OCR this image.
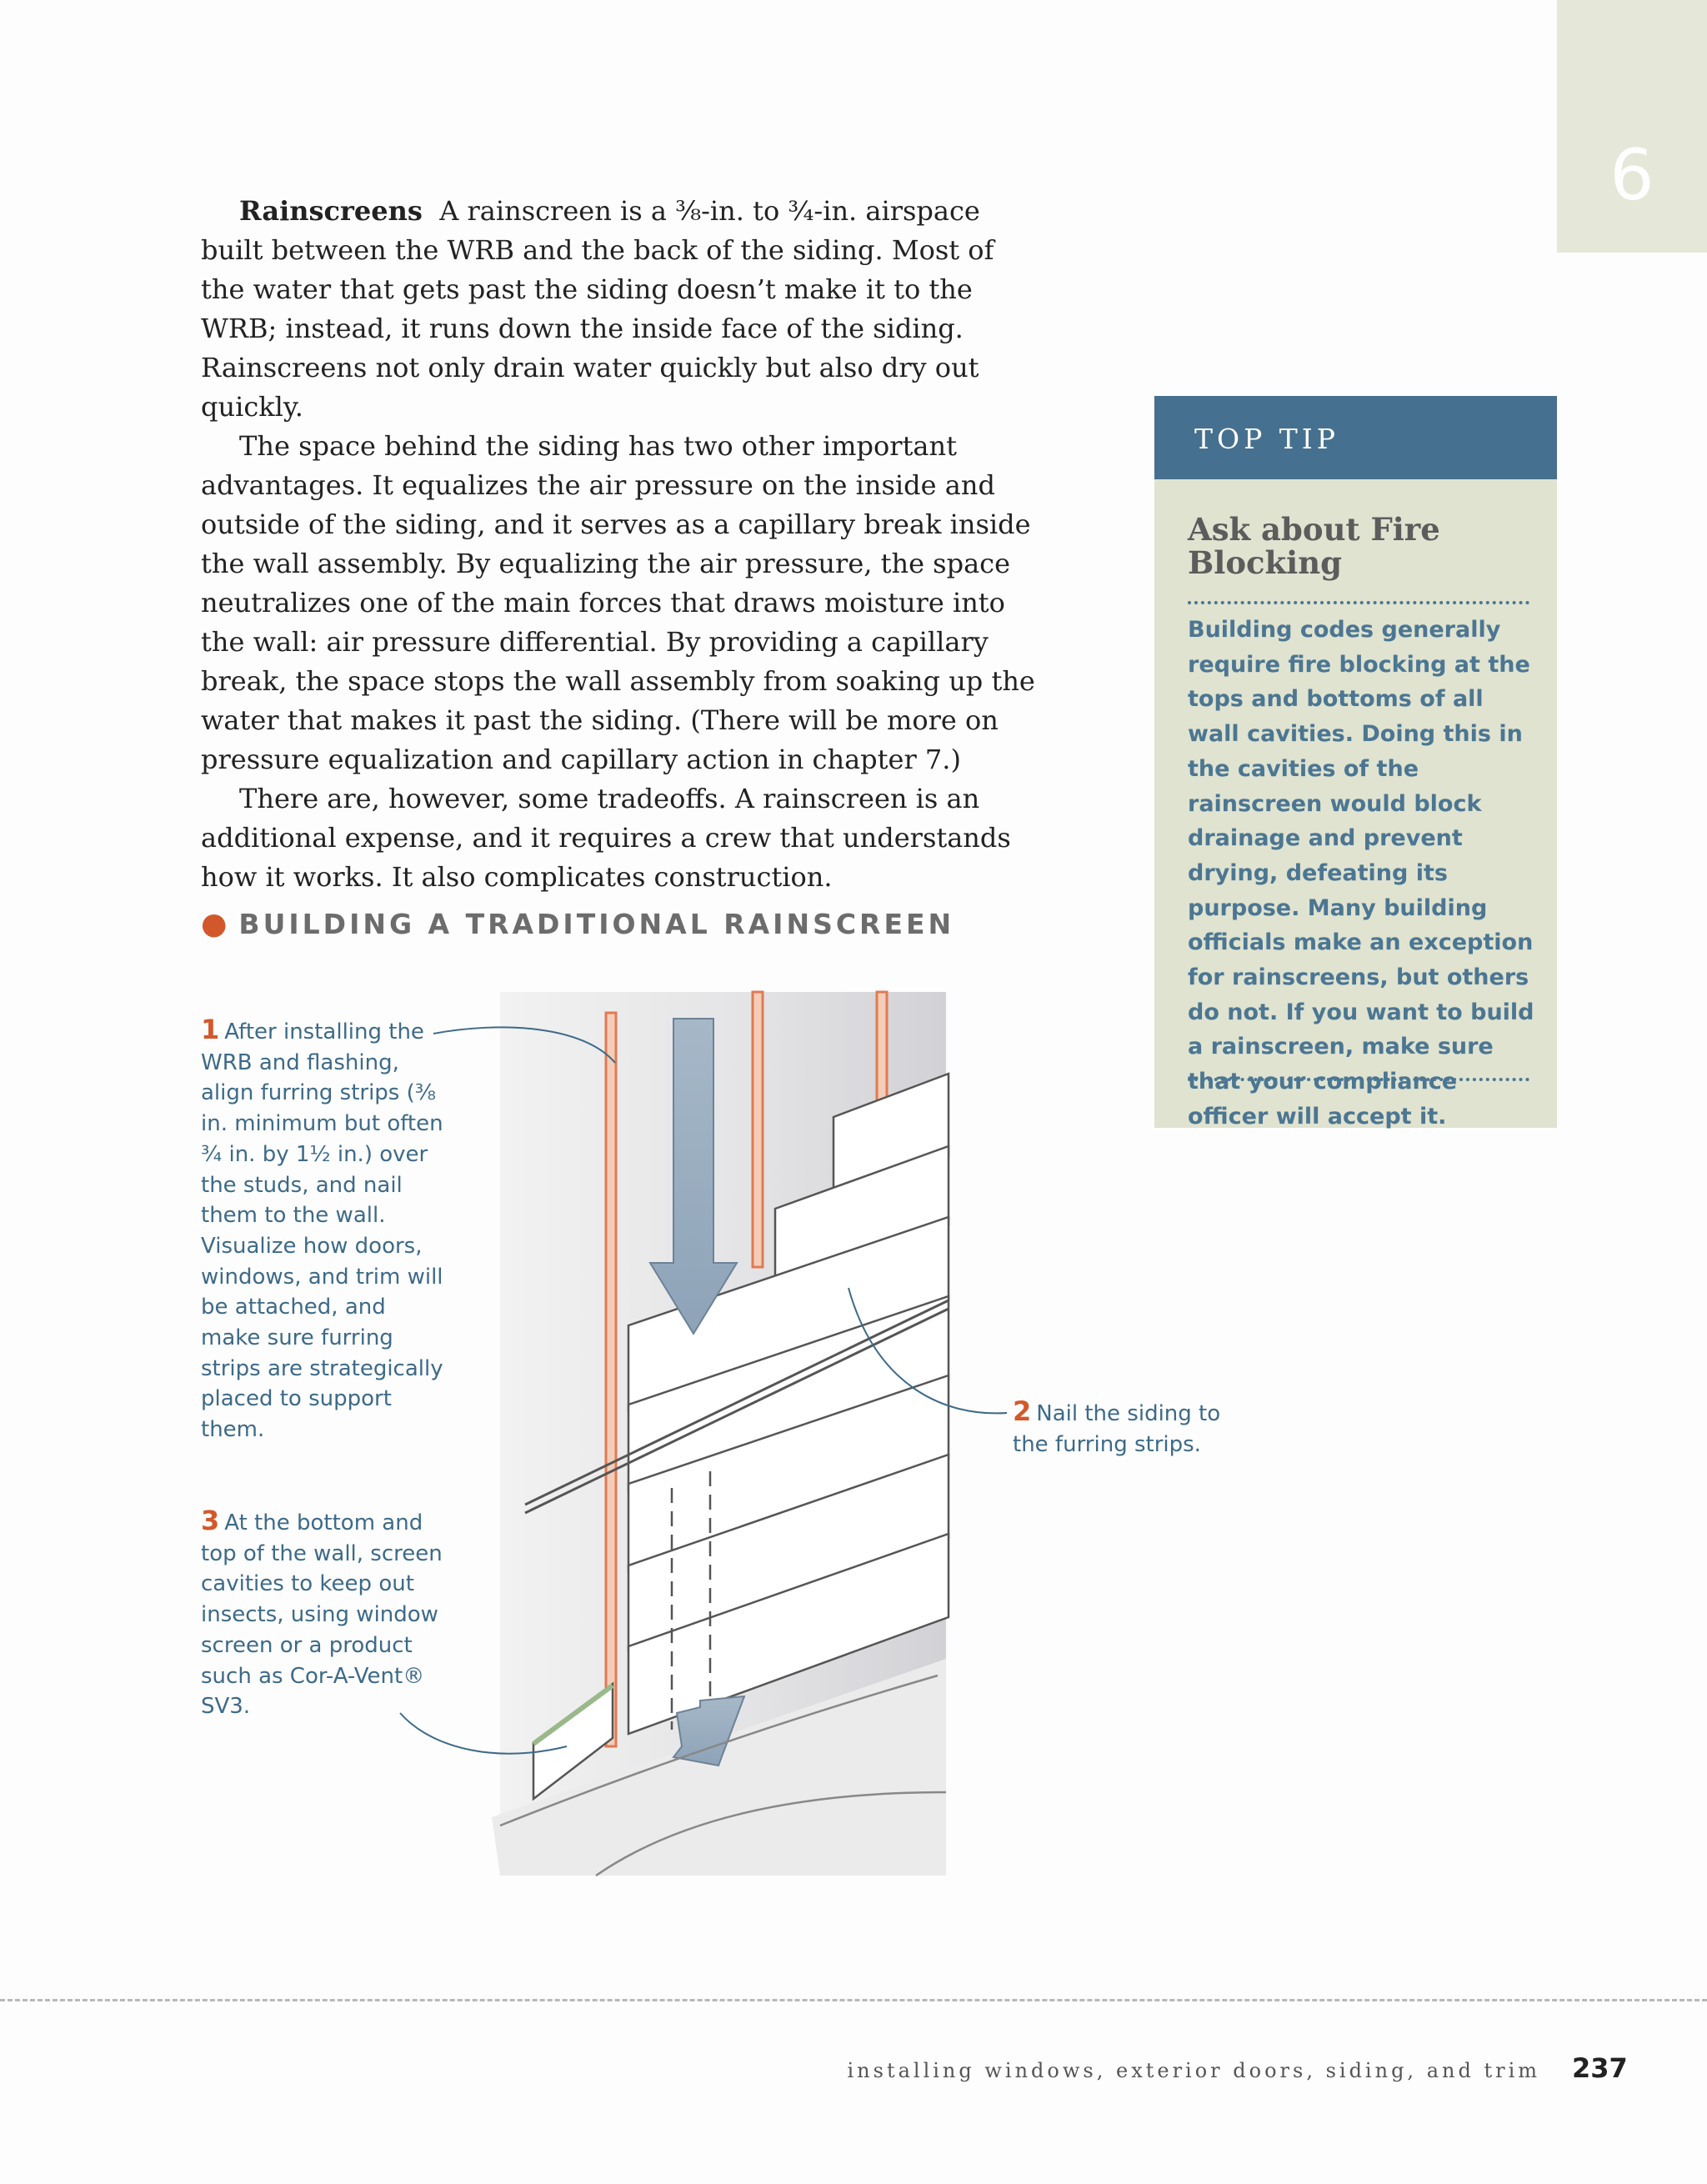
6

Rainscreens A rainscreen is a ⅜-in. to ¾-in. airspace built between the WRB and the back of the siding. Most of the water that gets past the siding doesn’t make it to the WRB; instead, it runs down the inside face of the siding. Rainscreens not only drain water quickly but also dry out quickly.

The space behind the siding has two other important advantages. It equalizes the air pressure on the inside and outside of the siding, and it serves as a capillary break inside the wall assembly. By equalizing the air pressure, the space neutralizes one of the main forces that draws moisture into the wall: air pressure differential. By providing a capillary break, the space stops the wall assembly from soaking up the water that makes it past the siding. (There will be more on pressure equalization and capillary action in chapter 7.)

There are, however, some tradeoffs. A rainscreen is an additional expense, and it requires a crew that understands how it works. It also complicates construction.

TOP TIP
Ask about Fire Blocking
Building codes generally require fire blocking at the tops and bottoms of all wall cavities. Doing this in the cavities of the rainscreen would block drainage and prevent drying, defeating its purpose. Many building officials make an exception for rainscreens, but others do not. If you want to build a rainscreen, make sure that your compliance officer will accept it.
● BUILDING A TRADITIONAL RAINSCREEN
1 After installing the WRB and flashing, align furring strips (⅜ in. minimum but often ¾ in. by 1½ in.) over the studs, and nail them to the wall. Visualize how doors, windows, and trim will be attached, and make sure furring strips are strategically placed to support them.
2 Nail the siding to the furring strips.
3 At the bottom and top of the wall, screen cavities to keep out insects, using window screen or a product such as Cor-A-Vent® SV3.
installing windows, exterior doors, siding, and trim 237
